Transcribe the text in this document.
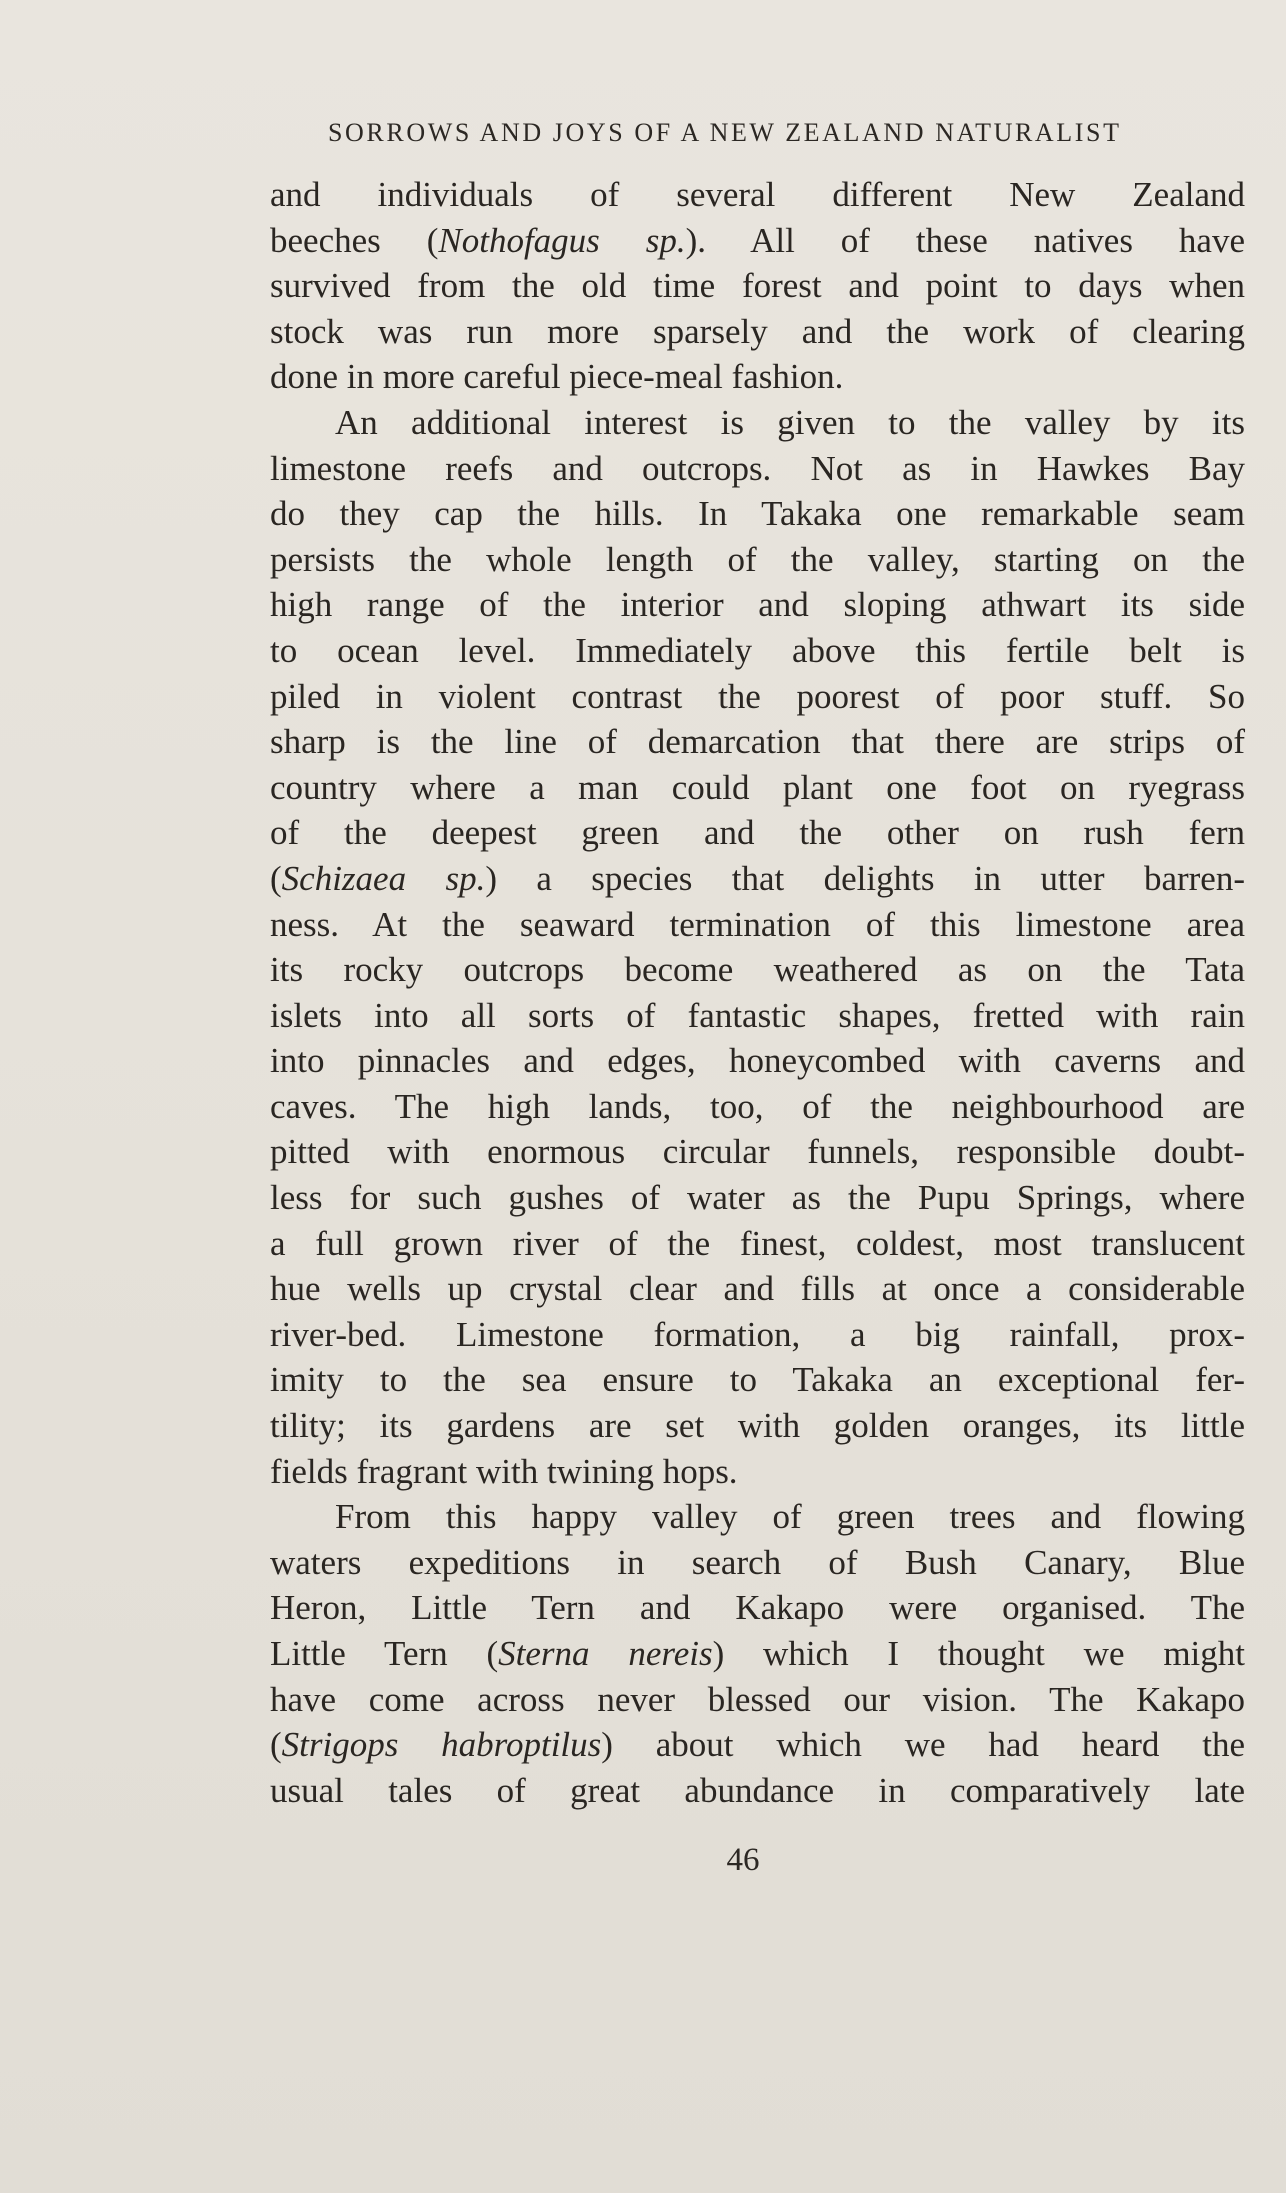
SORROWS AND JOYS OF A NEW ZEALAND NATURALIST
and individuals of several different New Zealand
beeches (Nothofagus sp.). All of these natives have
survived from the old time forest and point to days when
stock was run more sparsely and the work of clearing
done in more careful piece-meal fashion.
An additional interest is given to the valley by its
limestone reefs and outcrops. Not as in Hawkes Bay
do they cap the hills. In Takaka one remarkable seam
persists the whole length of the valley, starting on the
high range of the interior and sloping athwart its side
to ocean level. Immediately above this fertile belt is
piled in violent contrast the poorest of poor stuff. So
sharp is the line of demarcation that there are strips of
country where a man could plant one foot on ryegrass
of the deepest green and the other on rush fern
(Schizaea sp.) a species that delights in utter barren-
ness. At the seaward termination of this limestone area
its rocky outcrops become weathered as on the Tata
islets into all sorts of fantastic shapes, fretted with rain
into pinnacles and edges, honeycombed with caverns and
caves. The high lands, too, of the neighbourhood are
pitted with enormous circular funnels, responsible doubt-
less for such gushes of water as the Pupu Springs, where
a full grown river of the finest, coldest, most translucent
hue wells up crystal clear and fills at once a considerable
river-bed. Limestone formation, a big rainfall, prox-
imity to the sea ensure to Takaka an exceptional fer-
tility; its gardens are set with golden oranges, its little
fields fragrant with twining hops.
From this happy valley of green trees and flowing
waters expeditions in search of Bush Canary, Blue
Heron, Little Tern and Kakapo were organised. The
Little Tern (Sterna nereis) which I thought we might
have come across never blessed our vision. The Kakapo
(Strigops habroptilus) about which we had heard the
usual tales of great abundance in comparatively late
46
